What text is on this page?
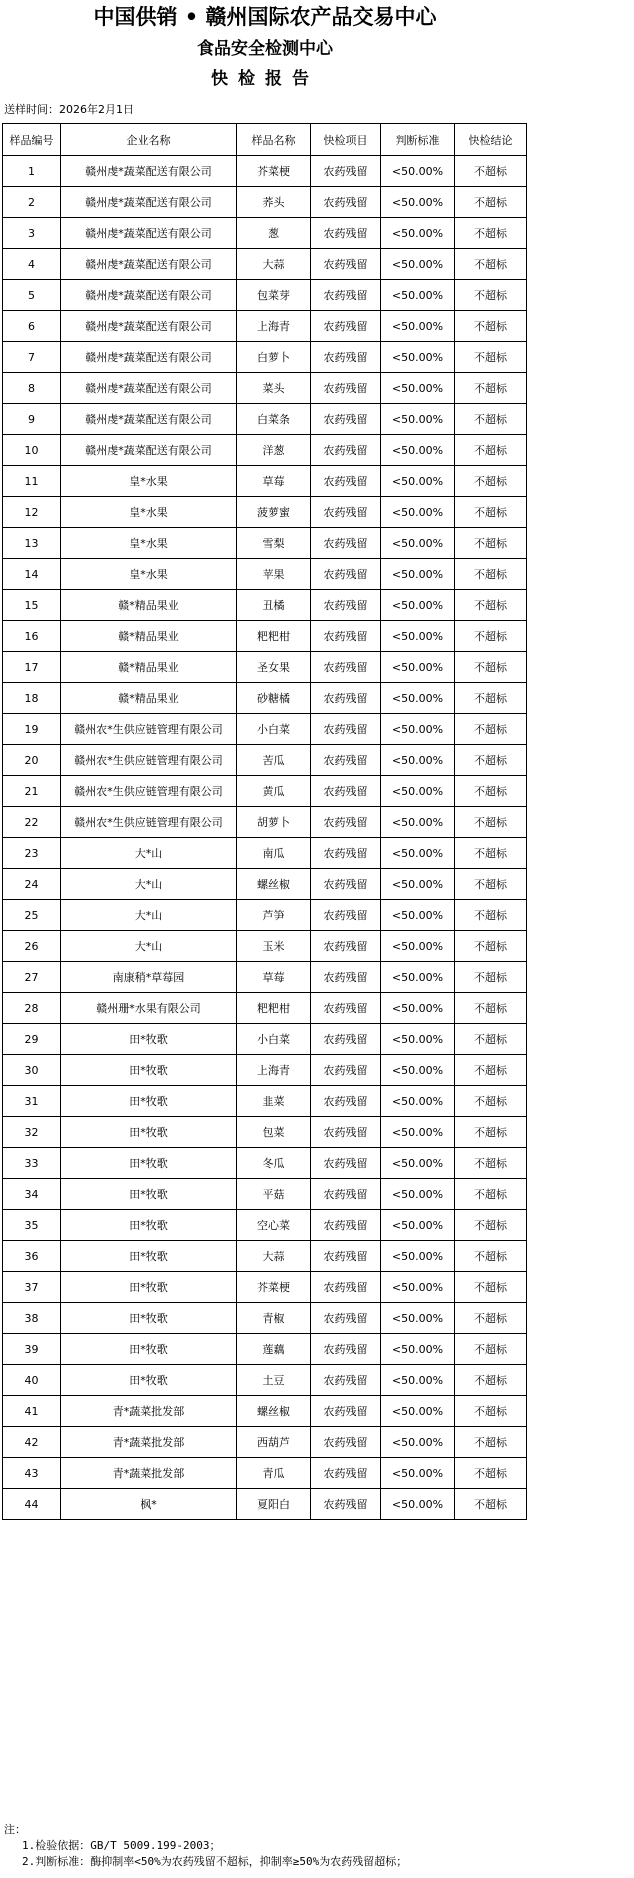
中国供销 • 赣州国际农产品交易中心
食品安全检测中心
快检报告
送样时间：2026年2月1日
样品编号	企业名称	样品名称	快检项目	判断标准	快检结论
1	赣州虔*蔬菜配送有限公司	芥菜梗	农药残留	<50.00%	不超标
2	赣州虔*蔬菜配送有限公司	荞头	农药残留	<50.00%	不超标
3	赣州虔*蔬菜配送有限公司	葱	农药残留	<50.00%	不超标
4	赣州虔*蔬菜配送有限公司	大蒜	农药残留	<50.00%	不超标
5	赣州虔*蔬菜配送有限公司	包菜芽	农药残留	<50.00%	不超标
6	赣州虔*蔬菜配送有限公司	上海青	农药残留	<50.00%	不超标
7	赣州虔*蔬菜配送有限公司	白萝卜	农药残留	<50.00%	不超标
8	赣州虔*蔬菜配送有限公司	菜头	农药残留	<50.00%	不超标
9	赣州虔*蔬菜配送有限公司	白菜条	农药残留	<50.00%	不超标
10	赣州虔*蔬菜配送有限公司	洋葱	农药残留	<50.00%	不超标
11	皇*水果	草莓	农药残留	<50.00%	不超标
12	皇*水果	菠萝蜜	农药残留	<50.00%	不超标
13	皇*水果	雪梨	农药残留	<50.00%	不超标
14	皇*水果	苹果	农药残留	<50.00%	不超标
15	赣*精品果业	丑橘	农药残留	<50.00%	不超标
16	赣*精品果业	粑粑柑	农药残留	<50.00%	不超标
17	赣*精品果业	圣女果	农药残留	<50.00%	不超标
18	赣*精品果业	砂糖橘	农药残留	<50.00%	不超标
19	赣州农*生供应链管理有限公司	小白菜	农药残留	<50.00%	不超标
20	赣州农*生供应链管理有限公司	苦瓜	农药残留	<50.00%	不超标
21	赣州农*生供应链管理有限公司	黄瓜	农药残留	<50.00%	不超标
22	赣州农*生供应链管理有限公司	胡萝卜	农药残留	<50.00%	不超标
23	大*山	南瓜	农药残留	<50.00%	不超标
24	大*山	螺丝椒	农药残留	<50.00%	不超标
25	大*山	芦笋	农药残留	<50.00%	不超标
26	大*山	玉米	农药残留	<50.00%	不超标
27	南康稍*草莓园	草莓	农药残留	<50.00%	不超标
28	赣州珊*水果有限公司	粑粑柑	农药残留	<50.00%	不超标
29	田*牧歌	小白菜	农药残留	<50.00%	不超标
30	田*牧歌	上海青	农药残留	<50.00%	不超标
31	田*牧歌	韭菜	农药残留	<50.00%	不超标
32	田*牧歌	包菜	农药残留	<50.00%	不超标
33	田*牧歌	冬瓜	农药残留	<50.00%	不超标
34	田*牧歌	平菇	农药残留	<50.00%	不超标
35	田*牧歌	空心菜	农药残留	<50.00%	不超标
36	田*牧歌	大蒜	农药残留	<50.00%	不超标
37	田*牧歌	芥菜梗	农药残留	<50.00%	不超标
38	田*牧歌	青椒	农药残留	<50.00%	不超标
39	田*牧歌	莲藕	农药残留	<50.00%	不超标
40	田*牧歌	土豆	农药残留	<50.00%	不超标
41	青*蔬菜批发部	螺丝椒	农药残留	<50.00%	不超标
42	青*蔬菜批发部	西葫芦	农药残留	<50.00%	不超标
43	青*蔬菜批发部	青瓜	农药残留	<50.00%	不超标
44	枫*	夏阳白	农药残留	<50.00%	不超标
注：
1.检验依据：GB/T 5009.199-2003；
2.判断标准：酶抑制率<50%为农药残留不超标，抑制率≥50%为农药残留超标；
